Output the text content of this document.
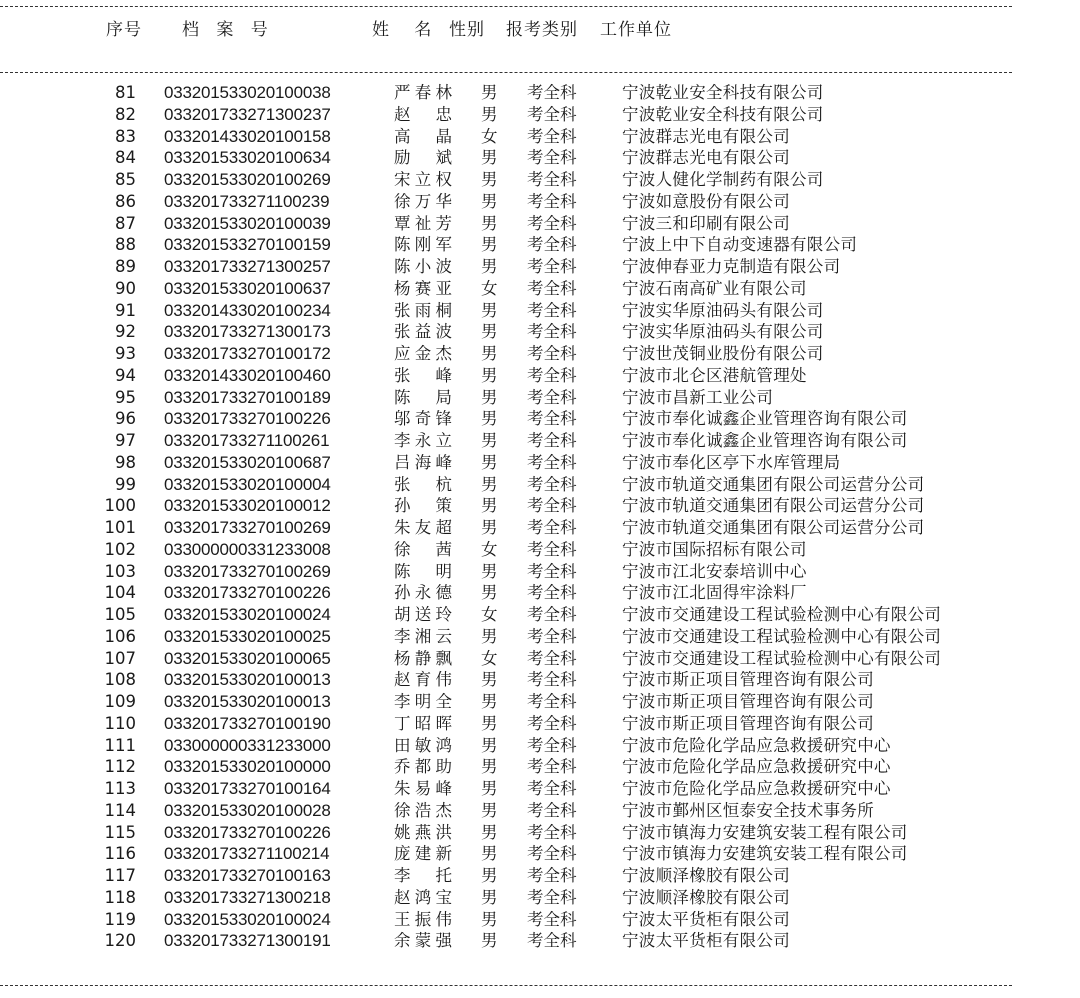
序号 档 案 号	姓 名 性别 报考类别 工作单位
81 033201533020100038	严春林 男 考全科	宁波乾业安全科技有限公司
82 033201733271300237	赵 忠 男 考全科	宁波乾业安全科技有限公司
83 033201433020100158	高 晶 女 考全科	宁波群志光电有限公司
84 033201533020100634	励 斌 男 考全科	宁波群志光电有限公司
85 033201533020100269	宋立权 男 考全科	宁波人健化学制药有限公司
86 033201733271100239	徐万华 男 考全科	宁波如意股份有限公司
87 033201533020100039	覃祉芳 男 考全科	宁波三和印刷有限公司
88 033201533270100159	陈刚军 男 考全科	宁波上中下自动变速器有限公司
89 033201733271300257	陈小波 男 考全科	宁波伸春亚力克制造有限公司
90 033201533020100637	杨赛亚 女 考全科	宁波石南高矿业有限公司
91 033201433020100234	张雨桐 男 考全科	宁波实华原油码头有限公司
92 033201733271300173	张益波 男 考全科	宁波实华原油码头有限公司
93 033201733270100172	应金杰 男 考全科	宁波世茂铜业股份有限公司
94 033201433020100460	张 峰 男 考全科	宁波市北仑区港航管理处
95 033201733270100189	陈 局 男 考全科	宁波市昌新工业公司
96 033201733270100226	邬奇锋 男 考全科	宁波市奉化诚鑫企业管理咨询有限公司
97 033201733271100261	李永立 男 考全科	宁波市奉化诚鑫企业管理咨询有限公司
98 033201533020100687	吕海峰 男 考全科	宁波市奉化区亭下水库管理局
99 033201533020100004	张 杭 男 考全科	宁波市轨道交通集团有限公司运营分公司
100 033201533020100012	孙 策 男 考全科	宁波市轨道交通集团有限公司运营分公司
101 033201733270100269	朱友超 男 考全科	宁波市轨道交通集团有限公司运营分公司
102 033000000331233008	徐 茜 女 考全科	宁波市国际招标有限公司
103 033201733270100269	陈 明 男 考全科	宁波市江北安泰培训中心
104 033201733270100226	孙永德 男 考全科	宁波市江北固得牢涂料厂
105 033201533020100024	胡送玲 女 考全科	宁波市交通建设工程试验检测中心有限公司
106 033201533020100025	李湘云 男 考全科	宁波市交通建设工程试验检测中心有限公司
107 033201533020100065	杨静飘 女 考全科	宁波市交通建设工程试验检测中心有限公司
108 033201533020100013	赵育伟 男 考全科	宁波市斯正项目管理咨询有限公司
109 033201533020100013	李明全 男 考全科	宁波市斯正项目管理咨询有限公司
110 033201733270100190	丁昭晖 男 考全科	宁波市斯正项目管理咨询有限公司
111 033000000331233000	田敏鸿 男 考全科	宁波市危险化学品应急救援研究中心
112 033201533020100000	乔都助 男 考全科	宁波市危险化学品应急救援研究中心
113 033201733270100164	朱易峰 男 考全科	宁波市危险化学品应急救援研究中心
114 033201533020100028	徐浩杰 男 考全科	宁波市鄞州区恒泰安全技术事务所
115 033201733270100226	姚燕洪 男 考全科	宁波市镇海力安建筑安装工程有限公司
116 033201733271100214	庞建新 男 考全科	宁波市镇海力安建筑安装工程有限公司
117 033201733270100163	李 托 男 考全科	宁波顺泽橡胶有限公司
118 033201733271300218	赵鸿宝 男 考全科	宁波顺泽橡胶有限公司
119 033201533020100024	王振伟 男 考全科	宁波太平货柜有限公司
120 033201733271300191	余蒙强 男 考全科	宁波太平货柜有限公司
